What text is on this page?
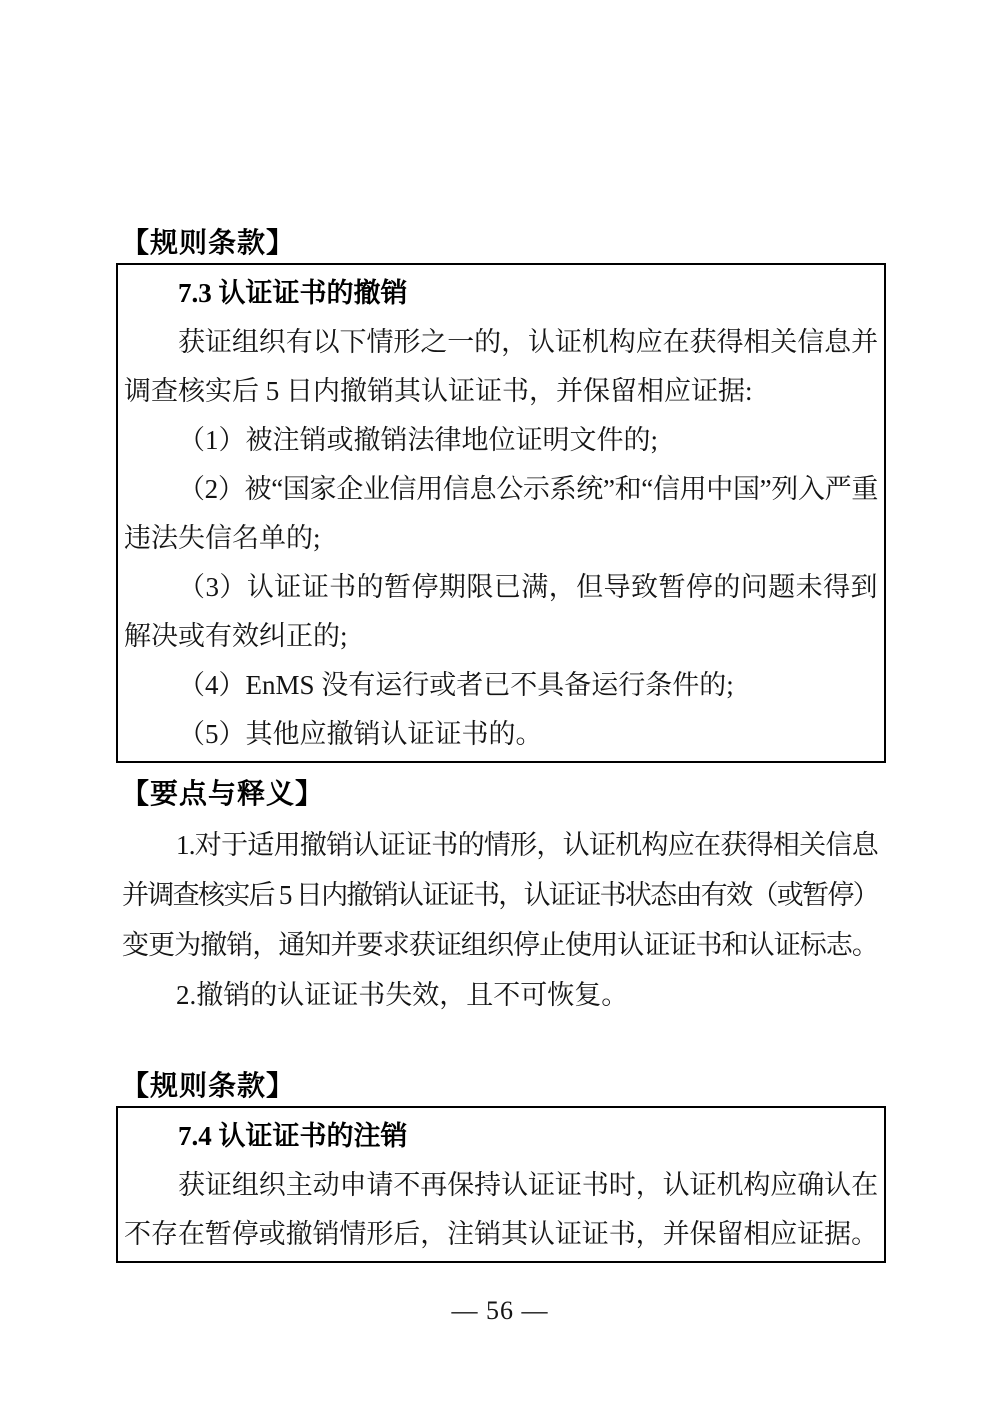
【规则条款】
7.3 认证证书的撤销
获证组织有以下情形之一的，认证机构应在获得相关信息并
调查核实后 5 日内撤销其认证证书，并保留相应证据:
（1）被注销或撤销法律地位证明文件的;
（2）被“国家企业信用信息公示系统”和“信用中国”列入严重
违法失信名单的;
（3）认证证书的暂停期限已满，但导致暂停的问题未得到
解决或有效纠正的;
（4）EnMS 没有运行或者已不具备运行条件的;
（5）其他应撤销认证证书的。
【要点与释义】
1.对于适用撤销认证证书的情形，认证机构应在获得相关信息
并调查核实后 5 日内撤销认证证书，认证证书状态由有效（或暂停）
变更为撤销，通知并要求获证组织停止使用认证证书和认证标志。
2.撤销的认证证书失效，且不可恢复。
【规则条款】
7.4 认证证书的注销
获证组织主动申请不再保持认证证书时，认证机构应确认在
不存在暂停或撤销情形后，注销其认证证书，并保留相应证据。
— 56 —
